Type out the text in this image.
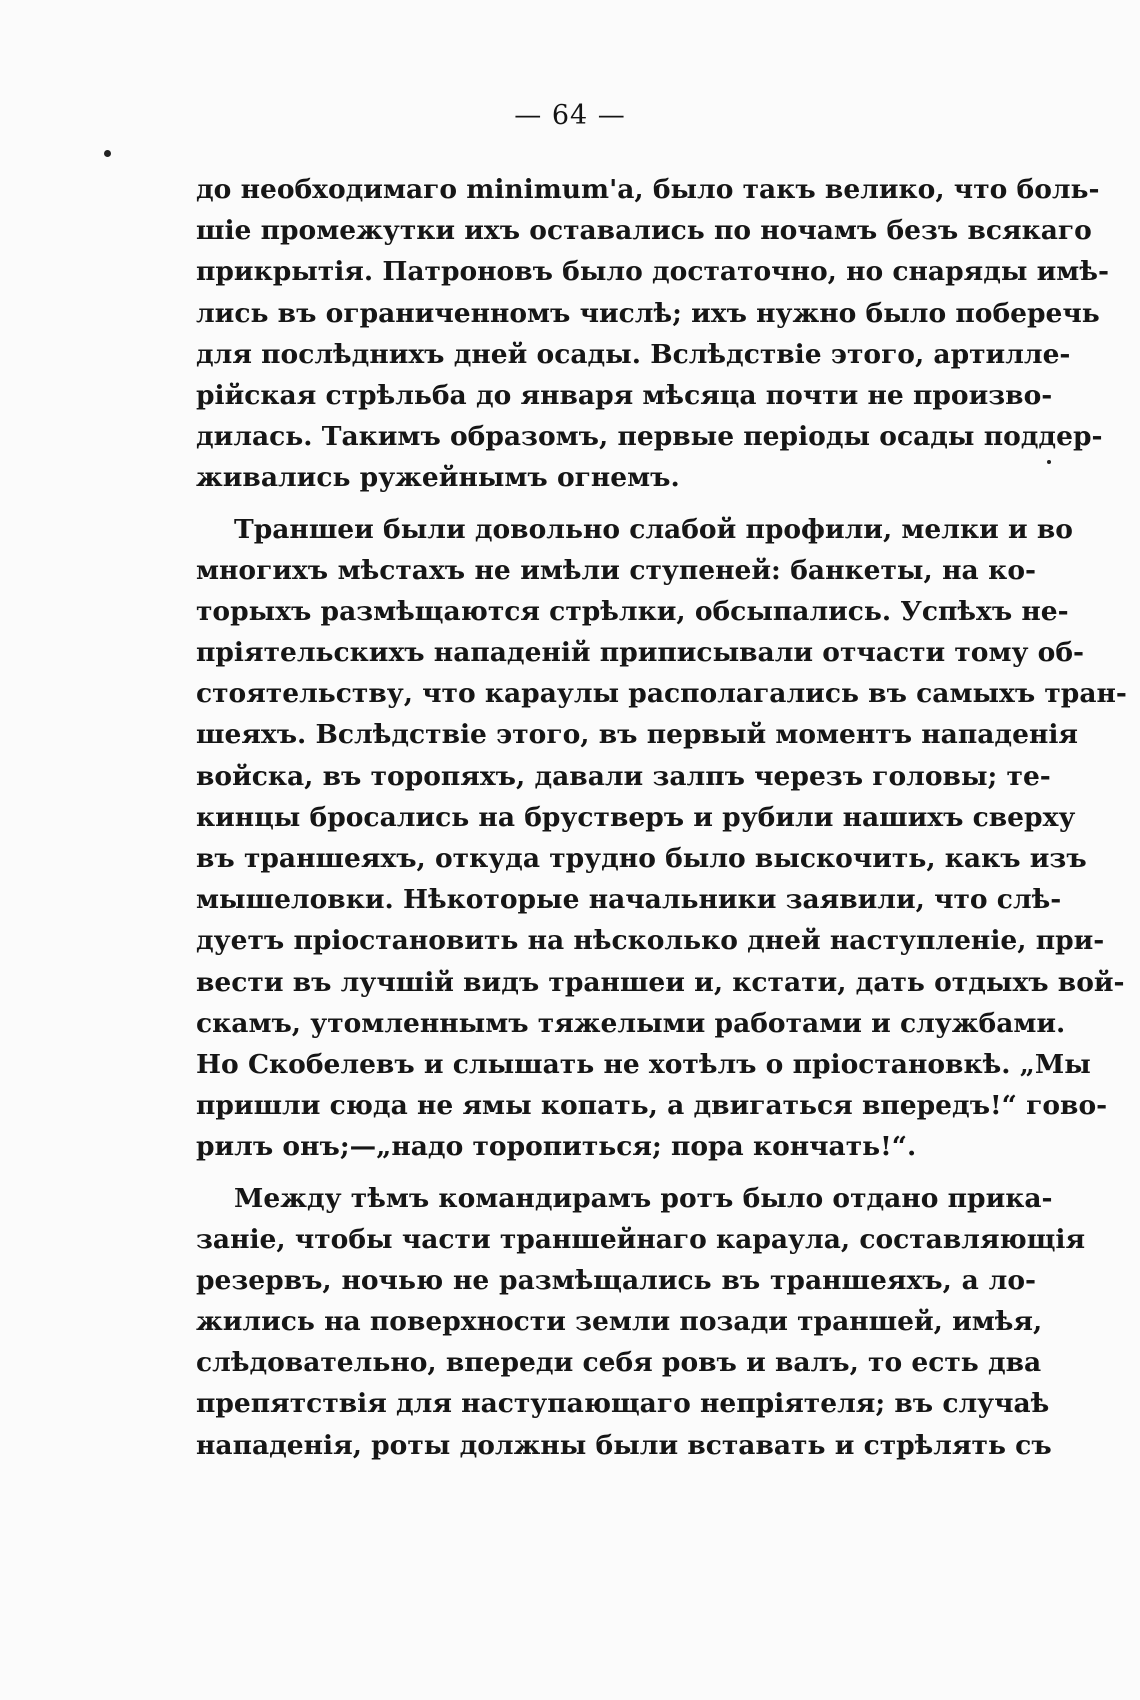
— 64 —
до необходимаго minimum'а, было такъ велико, что боль-
шіе промежутки ихъ оставались по ночамъ безъ всякаго
прикрытія. Патроновъ было достаточно, но снаряды имѣ-
лись въ ограниченномъ числѣ; ихъ нужно было поберечь
для послѣднихъ дней осады. Вслѣдствіе этого, артилле-
рійская стрѣльба до января мѣсяца почти не произво-
дилась. Такимъ образомъ, первые періоды осады поддер-
живались ружейнымъ огнемъ.
Траншеи были довольно слабой профили, мелки и во
многихъ мѣстахъ не имѣли ступеней: банкеты, на ко-
торыхъ размѣщаются стрѣлки, обсыпались. Успѣхъ не-
пріятельскихъ нападеній приписывали отчасти тому об-
стоятельству, что караулы располагались въ самыхъ тран-
шеяхъ. Вслѣдствіе этого, въ первый моментъ нападенія
войска, въ торопяхъ, давали залпъ черезъ головы; те-
кинцы бросались на брустверъ и рубили нашихъ сверху
въ траншеяхъ, откуда трудно было выскочить, какъ изъ
мышеловки. Нѣкоторые начальники заявили, что слѣ-
дуетъ пріостановить на нѣсколько дней наступленіе, при-
вести въ лучшій видъ траншеи и, кстати, дать отдыхъ вой-
скамъ, утомленнымъ тяжелыми работами и службами.
Но Скобелевъ и слышать не хотѣлъ о пріостановкѣ. „Мы
пришли сюда не ямы копать, а двигаться впередъ!“ гово-
рилъ онъ;—„надо торопиться; пора кончать!“.
Между тѣмъ командирамъ ротъ было отдано прика-
заніе, чтобы части траншейнаго караула, составляющія
резервъ, ночью не размѣщались въ траншеяхъ, а ло-
жились на поверхности земли позади траншей, имѣя,
слѣдовательно, впереди себя ровъ и валъ, то есть два
препятствія для наступающаго непріятеля; въ случаѣ
нападенія, роты должны были вставать и стрѣлять съ
